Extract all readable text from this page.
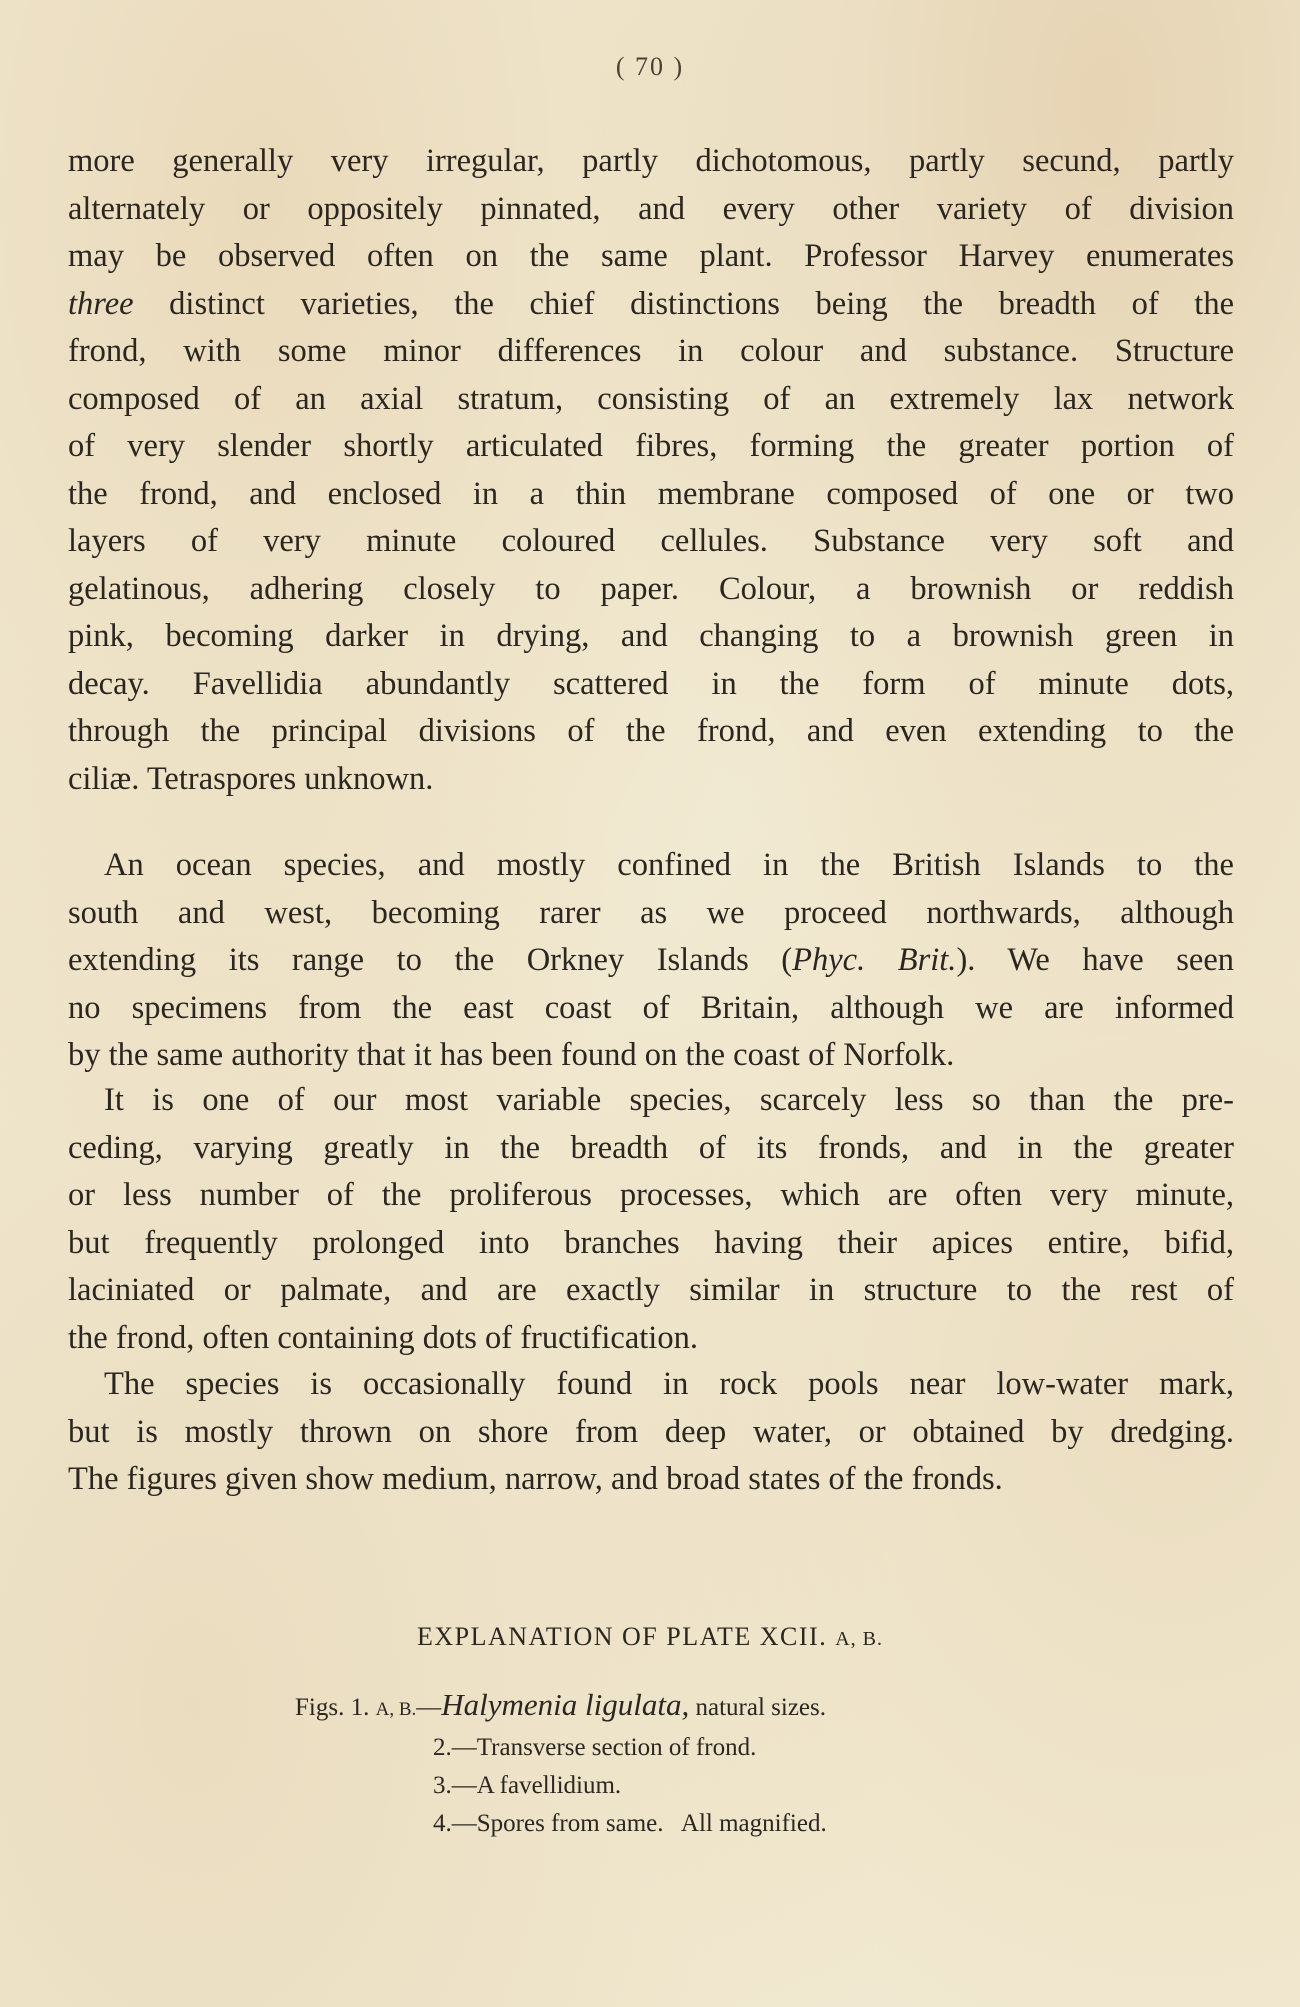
( 70 )
more generally very irregular, partly dichotomous, partly secund, partly
alternately or oppositely pinnated, and every other variety of division
may be observed often on the same plant. Professor Harvey enumerates
three distinct varieties, the chief distinctions being the breadth of the
frond, with some minor differences in colour and substance. Structure
composed of an axial stratum, consisting of an extremely lax network
of very slender shortly articulated fibres, forming the greater portion of
the frond, and enclosed in a thin membrane composed of one or two
layers of very minute coloured cellules. Substance very soft and
gelatinous, adhering closely to paper. Colour, a brownish or reddish
pink, becoming darker in drying, and changing to a brownish green in
decay. Favellidia abundantly scattered in the form of minute dots,
through the principal divisions of the frond, and even extending to the
ciliæ. Tetraspores unknown.
An ocean species, and mostly confined in the British Islands to the
south and west, becoming rarer as we proceed northwards, although
extending its range to the Orkney Islands (Phyc. Brit.). We have seen
no specimens from the east coast of Britain, although we are informed
by the same authority that it has been found on the coast of Norfolk.
It is one of our most variable species, scarcely less so than the pre-
ceding, varying greatly in the breadth of its fronds, and in the greater
or less number of the proliferous processes, which are often very minute,
but frequently prolonged into branches having their apices entire, bifid,
laciniated or palmate, and are exactly similar in structure to the rest of
the frond, often containing dots of fructification.
The species is occasionally found in rock pools near low-water mark,
but is mostly thrown on shore from deep water, or obtained by dredging.
The figures given show medium, narrow, and broad states of the fronds.
EXPLANATION OF PLATE XCII. A, B.
Figs. 1. A, B.—Halymenia ligulata, natural sizes.
2.—Transverse section of frond.
3.—A favellidium.
4.—Spores from same.   All magnified.
